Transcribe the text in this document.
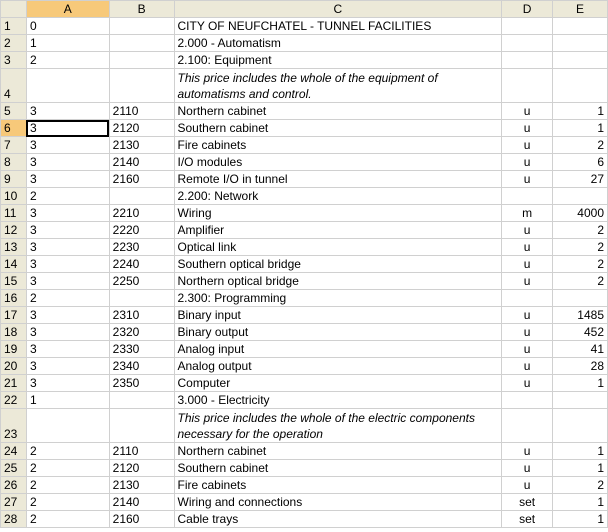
	A	B	C	D	E
1	0		CITY OF NEUFCHATEL - TUNNEL FACILITIES		
2	1		2.000 - Automatism		
3	2		2.100: Equipment		
4			This price includes the whole of the equipment of automatisms and control.		
5	3	2110	Northern cabinet	u	1
6	3	2120	Southern cabinet	u	1
7	3	2130	Fire cabinets	u	2
8	3	2140	I/O modules	u	6
9	3	2160	Remote I/O in tunnel	u	27
10	2		2.200: Network		
11	3	2210	Wiring	m	4000
12	3	2220	Amplifier	u	2
13	3	2230	Optical link	u	2
14	3	2240	Southern optical bridge	u	2
15	3	2250	Northern optical bridge	u	2
16	2		2.300: Programming		
17	3	2310	Binary input	u	1485
18	3	2320	Binary output	u	452
19	3	2330	Analog input	u	41
20	3	2340	Analog output	u	28
21	3	2350	Computer	u	1
22	1		3.000 - Electricity		
23			This price includes the whole of the electric components necessary for the operation		
24	2	2110	Northern cabinet	u	1
25	2	2120	Southern cabinet	u	1
26	2	2130	Fire cabinets	u	2
27	2	2140	Wiring and connections	set	1
28	2	2160	Cable trays	set	1
